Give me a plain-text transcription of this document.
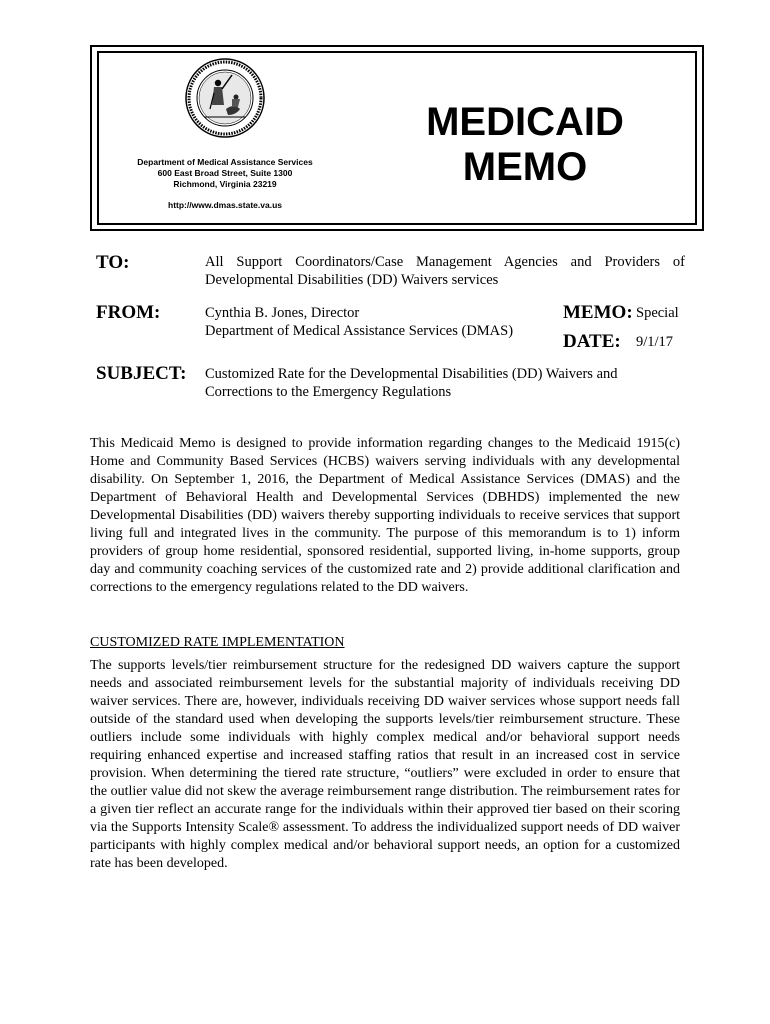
Department of Medical Assistance Services
600 East Broad Street, Suite 1300
Richmond, Virginia 23219
http://www.dmas.state.va.us
MEDICAID
MEMO
TO:	All Support Coordinators/Case Management Agencies and Providers of
Developmental Disabilities (DD) Waivers services
FROM:	Cynthia B. Jones, Director
Department of Medical Assistance Services (DMAS)
MEMO: Special
DATE: 9/1/17
SUBJECT: Customized Rate for the Developmental Disabilities (DD) Waivers and
Corrections to the Emergency Regulations
This Medicaid Memo is designed to provide information regarding changes to the Medicaid 1915(c) Home and Community Based Services (HCBS) waivers serving individuals with any developmental disability. On September 1, 2016, the Department of Medical Assistance Services (DMAS) and the Department of Behavioral Health and Developmental Services (DBHDS) implemented the new Developmental Disabilities (DD) waivers thereby supporting individuals to receive services that support living full and integrated lives in the community. The purpose of this memorandum is to 1) inform providers of group home residential, sponsored residential, supported living, in-home supports, group day and community coaching services of the customized rate and 2) provide additional clarification and corrections to the emergency regulations related to the DD waivers.
CUSTOMIZED RATE IMPLEMENTATION
The supports levels/tier reimbursement structure for the redesigned DD waivers capture the support needs and associated reimbursement levels for the substantial majority of individuals receiving DD waiver services. There are, however, individuals receiving DD waiver services whose support needs fall outside of the standard used when developing the supports levels/tier reimbursement structure. These outliers include some individuals with highly complex medical and/or behavioral support needs requiring enhanced expertise and increased staffing ratios that result in an increased cost in service provision. When determining the tiered rate structure, “outliers” were excluded in order to ensure that the outlier value did not skew the average reimbursement range distribution. The reimbursement rates for a given tier reflect an accurate range for the individuals within their approved tier based on their scoring via the Supports Intensity Scale® assessment. To address the individualized support needs of DD waiver participants with highly complex medical and/or behavioral support needs, an option for a customized rate has been developed.
